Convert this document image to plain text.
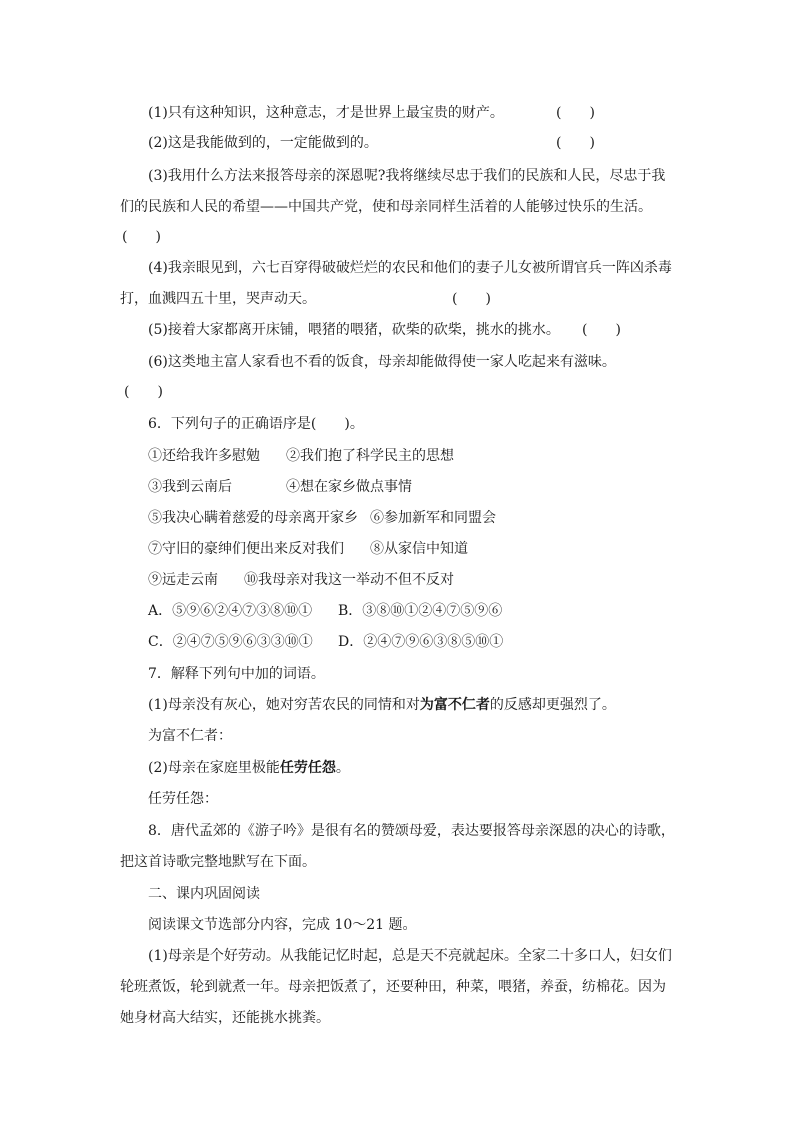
(1)只有这种知识，这种意志，才是世界上最宝贵的财产。	(　　)
(2)这是我能做到的，一定能做到的。	(　　)
(3)我用什么方法来报答母亲的深恩呢?我将继续尽忠于我们的民族和人民，尽忠于我
们的民族和人民的希望——中国共产党，使和母亲同样生活着的人能够过快乐的生活。
(　　)
(4)我亲眼见到，六七百穿得破破烂烂的农民和他们的妻子儿女被所谓官兵一阵凶杀毒
打，血溅四五十里，哭声动天。	(　　)
(5)接着大家都离开床铺，喂猪的喂猪，砍柴的砍柴，挑水的挑水。 (　　)
(6)这类地主富人家看也不看的饭食，母亲却能做得使一家人吃起来有滋味。
(　　)
6．下列句子的正确语序是(　　)。
①还给我许多慰勉 ②我们抱了科学民主的思想
③我到云南后	④想在家乡做点事情
⑤我决心瞒着慈爱的母亲离开家乡 ⑥参加新军和同盟会
⑦守旧的豪绅们便出来反对我们 ⑧从家信中知道
⑨远走云南 ⑩我母亲对我这一举动不但不反对
A．⑤⑨⑥②④⑦③⑧⑩① B．③⑧⑩①②④⑦⑤⑨⑥
C．②④⑦⑤⑨⑥③③⑩① D．②④⑦⑨⑥③⑧⑤⑩①
7．解释下列句中加的词语。
(1)母亲没有灰心，她对穷苦农民的同情和对为富不仁者的反感却更强烈了。
为富不仁者：
(2)母亲在家庭里极能任劳任怨。
任劳任怨：
8．唐代孟郊的《游子吟》是很有名的赞颂母爱，表达要报答母亲深恩的决心的诗歌，
把这首诗歌完整地默写在下面。
二、课内巩固阅读
阅读课文节选部分内容，完成 10～21 题。
(1)母亲是个好劳动。从我能记忆时起，总是天不亮就起床。全家二十多口人，妇女们
轮班煮饭，轮到就煮一年。母亲把饭煮了，还要种田，种菜，喂猪，养蚕，纺棉花。因为
她身材高大结实，还能挑水挑粪。
